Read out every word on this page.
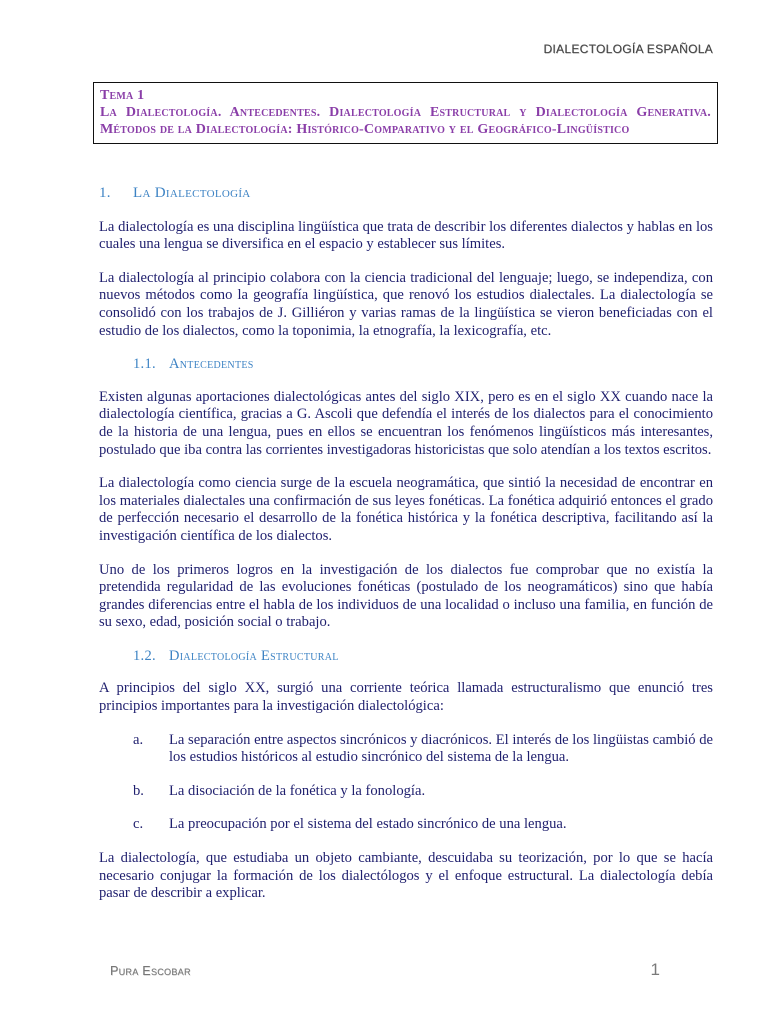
DIALECTOLOGÍA ESPAÑOLA
Tema 1
La Dialectología. Antecedentes. Dialectología Estructural y Dialectología Generativa. Métodos de la Dialectología: Histórico-Comparativo y el Geográfico-Lingüístico
1. La Dialectología

La dialectología es una disciplina lingüística que trata de describir los diferentes dialectos y hablas en los cuales una lengua se diversifica en el espacio y establecer sus límites.

La dialectología al principio colabora con la ciencia tradicional del lenguaje; luego, se independiza, con nuevos métodos como la geografía lingüística, que renovó los estudios dialectales. La dialectología se consolidó con los trabajos de J. Gilliéron y varias ramas de la lingüística se vieron beneficiadas con el estudio de los dialectos, como la toponimia, la etnografía, la lexicografía, etc.

1.1. Antecedentes

Existen algunas aportaciones dialectológicas antes del siglo XIX, pero es en el siglo XX cuando nace la dialectología científica, gracias a G. Ascoli que defendía el interés de los dialectos para el conocimiento de la historia de una lengua, pues en ellos se encuentran los fenómenos lingüísticos más interesantes, postulado que iba contra las corrientes investigadoras historicistas que solo atendían a los textos escritos.

La dialectología como ciencia surge de la escuela neogramática, que sintió la necesidad de encontrar en los materiales dialectales una confirmación de sus leyes fonéticas. La fonética adquirió entonces el grado de perfección necesario el desarrollo de la fonética histórica y la fonética descriptiva, facilitando así la investigación científica de los dialectos.

Uno de los primeros logros en la investigación de los dialectos fue comprobar que no existía la pretendida regularidad de las evoluciones fonéticas (postulado de los neogramáticos) sino que había grandes diferencias entre el habla de los individuos de una localidad o incluso una familia, en función de su sexo, edad, posición social o trabajo.

1.2. Dialectología Estructural

A principios del siglo XX, surgió una corriente teórica llamada estructuralismo que enunció tres principios importantes para la investigación dialectológica:

a.	La separación entre aspectos sincrónicos y diacrónicos. El interés de los lingüistas cambió de los estudios históricos al estudio sincrónico del sistema de la lengua.
b.	La disociación de la fonética y la fonología.
c.	La preocupación por el sistema del estado sincrónico de una lengua.

La dialectología, que estudiaba un objeto cambiante, descuidaba su teorización, por lo que se hacía necesario conjugar la formación de los dialectólogos y el enfoque estructural. La dialectología debía pasar de describir a explicar.

Pura Escobar	1
